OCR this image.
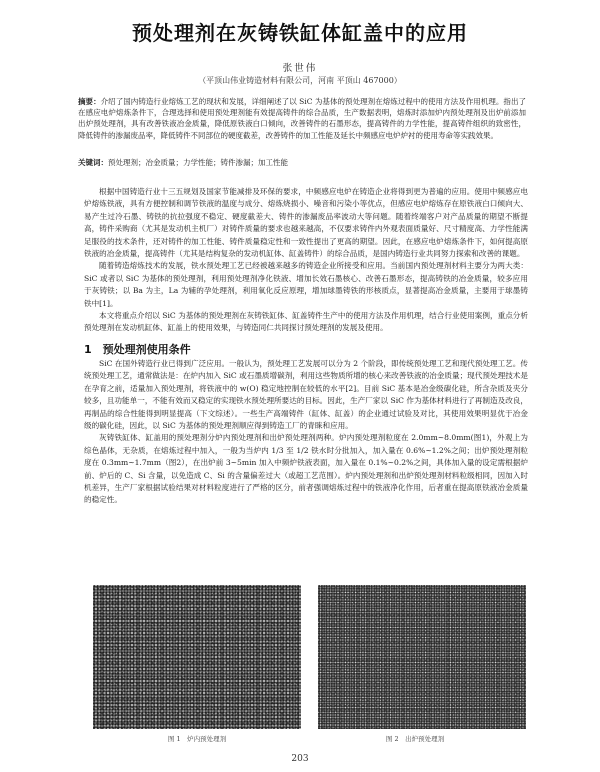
预处理剂在灰铸铁缸体缸盖中的应用
张世伟
（平顶山伟业铸造材料有限公司，河南 平顶山 467000）
摘要：介绍了国内铸造行业熔炼工艺的现状和发展，详细阐述了以 SiC 为基体的预处理剂在熔炼过程中的使用方法及作用机理。指出了在感应电炉熔炼条件下，合理选择和使用预处理剂能有效提高铸件的综合品质，生产数据表明，熔炼时添加炉内预处理剂及出炉前添加出炉预处理剂，具有改善铁液冶金质量，降低原铁液白口倾向，改善铸件的石墨形态，提高铸件的力学性能，提高铸件组织的致密性，降低铸件的渗漏废品率，降低铸件不同部位的硬度截差，改善铸件的加工性能及延长中频感应电炉炉衬的使用寿命等实践效果。
关键词：预处理剂；冶金质量；力学性能；铸件渗漏；加工性能

根据中国铸造行业十三五规划及国家节能减排及环保的要求，中频感应电炉在铸造企业将得到更为普遍的应用。使用中频感应电炉熔炼铁液，具有方便控制和调节铁液的温度与成分、熔炼烧损小、噪音和污染小等优点，但感应电炉熔炼存在原铁液白口倾向大、易产生过冷石墨、铸铁的抗拉强度不稳定、硬度截差大、铸件的渗漏废品率波动大等问题。随着终端客户对产品质量的期望不断提高，铸件采购商（尤其是发动机主机厂）对铸件质量的要求也越来越高，不仅要求铸件内外观表面质量好、尺寸精度高、力学性能满足服役的技术条件，还对铸件的加工性能、铸件质量稳定性和一致性提出了更高的期望。因此，在感应电炉熔炼条件下，如何提高原铁液的冶金质量，提高铸件（尤其是结构复杂的发动机缸体、缸盖铸件）的综合品质，是国内铸造行业共同努力探索和改善的课题。

随着铸造熔炼技术的发展，铁水预处理工艺已经被越来越多的铸造企业所接受和应用。当前国内预处理剂材料主要分为两大类：SiC 或者以 SiC 为基体的预处理剂，利用预处理剂净化铁液、增加长效石墨核心、改善石墨形态，提高铸铁的冶金质量，较多应用于灰铸铁；以 Ba 为主，La 为辅的孕处理剂，利用氧化反应原理，增加球墨铸铁的形核质点，显著提高冶金质量，主要用于球墨铸铁中[1]。

本文将重点介绍以 SiC 为基体的预处理剂在灰铸铁缸体、缸盖铸件生产中的使用方法及作用机理，结合行业使用案例，重点分析预处理剂在发动机缸体、缸盖上的使用效果，与铸造同仁共同探讨预处理剂的发展及使用。

1　预处理剂使用条件

SiC 在国外铸造行业已得到广泛应用。一般认为，预处理工艺发展可以分为 2 个阶段，即传统预处理工艺和现代预处理工艺。传统预处理工艺，通常做法是：在炉内加入 SiC 或石墨质增碳剂，利用这些物质所增的核心来改善铁液的冶金质量；现代预处理技术是在孕育之前，适量加入预处理剂，将铁液中的 w(O) 稳定地控制在较低的水平[2]。目前 SiC 基本是冶金级碳化硅，所含杂质及夹分较多，且功能单一，不能有效而又稳定的实现铁水预处理所要达的目标。因此，生产厂家以 SiC 作为基体材料进行了再制造及改良，再制品的综合性能得到明显提高（下文综述）。一些生产高端铸件（缸体、缸盖）的企业通过试验及对比，其使用效果明显优于冶金级的碳化硅，因此，以 SiC 为基体的预处理剂顺应得到铸造工厂的青睐和应用。

灰铸铁缸体、缸盖用的预处理剂分炉内预处理剂和出炉预处理剂两种。炉内预处理剂粒度在 2.0mm~8.0mm(图1)，外观上为综色晶体，无杂质，在熔炼过程中加入，一般为当炉内 1/3 至 1/2 铁水时分批加入，加入量在 0.6%~1.2%之间；出炉预处理剂粒度在 0.3mm~1.7mm（图2），在出炉前 3~5min 加入中频炉铁液表面，加入量在 0.1%~0.2%之间，具体加入量的设定需根据炉前、炉后的 C、Si 含量，以免造成 C、Si 的含量偏差过大（或超工艺范围）。炉内预处理剂和出炉预处理剂材料粒级相同，因加入时机差异，生产厂家根据试验结果对材料粒度进行了严格的区分，前者强调熔炼过程中的铁液净化作用，后者重在提高原铁液冶金质量的稳定性。

图 1　炉内预处理剂	图 2　出炉预处理剂
203
